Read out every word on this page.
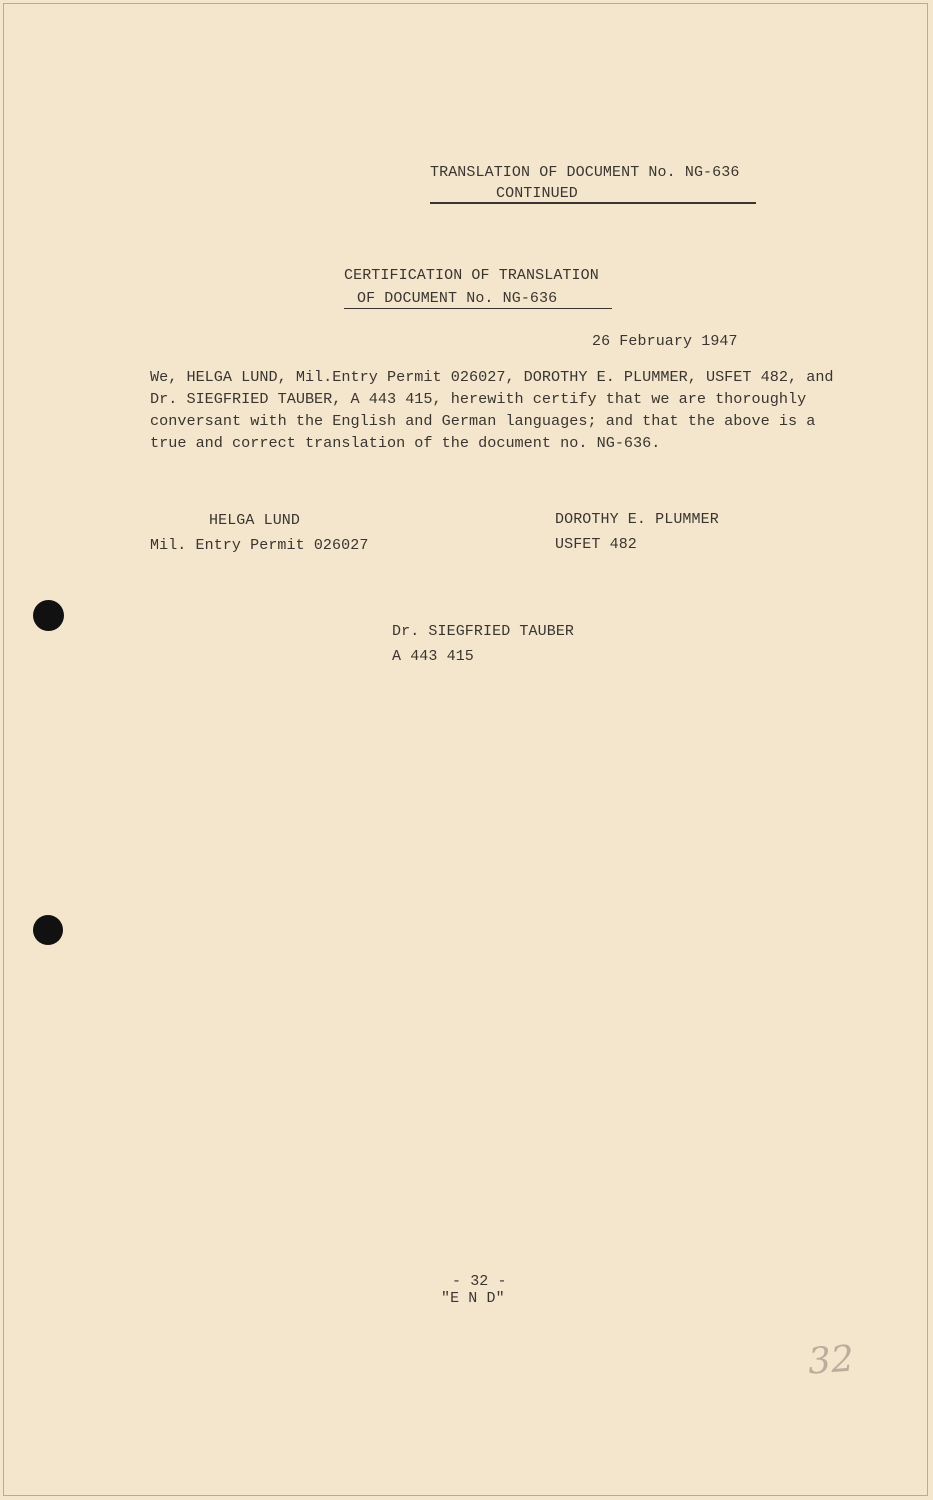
TRANSLATION OF DOCUMENT No. NG-636
CONTINUED
CERTIFICATION OF TRANSLATION
OF DOCUMENT No. NG-636
26 February 1947
We, HELGA LUND, Mil.Entry Permit 026027, DOROTHY E. PLUMMER, USFET 482, and
Dr. SIEGFRIED TAUBER, A 443 415, herewith certify that we are thoroughly
conversant with the English and German languages; and that the above is a
true and correct translation of the document no. NG-636.
HELGA LUND
Mil. Entry Permit 026027
DOROTHY E. PLUMMER
USFET 482
Dr. SIEGFRIED TAUBER
A 443 415
- 32 -
"E N D"
32
